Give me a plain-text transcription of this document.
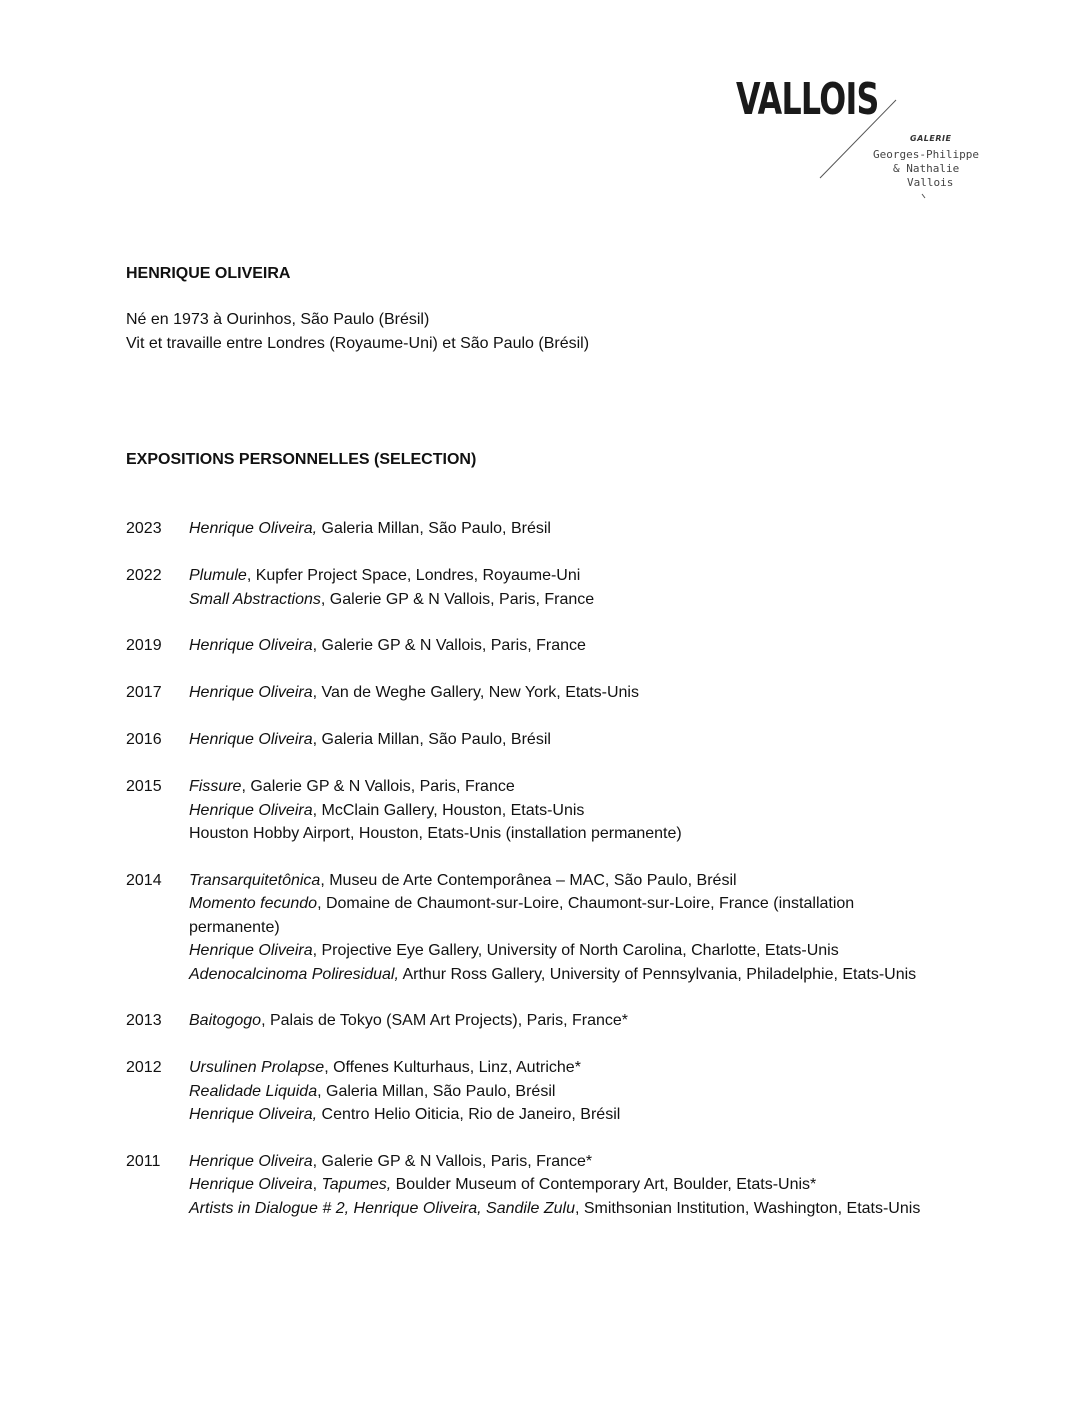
VALLOIS
GALERIE
Georges-Philippe
& Nathalie
Vallois
HENRIQUE OLIVEIRA
Né en 1973 à Ourinhos, São Paulo (Brésil)
Vit et travaille entre Londres (Royaume-Uni) et São Paulo (Brésil)
EXPOSITIONS PERSONNELLES (SELECTION)
2023	Henrique Oliveira, Galeria Millan, São Paulo, Brésil
2022	Plumule, Kupfer Project Space, Londres, Royaume-Uni
Small Abstractions, Galerie GP & N Vallois, Paris, France
2019	Henrique Oliveira, Galerie GP & N Vallois, Paris, France
2017	Henrique Oliveira, Van de Weghe Gallery, New York, Etats-Unis
2016	Henrique Oliveira, Galeria Millan, São Paulo, Brésil
2015	Fissure, Galerie GP & N Vallois, Paris, France
Henrique Oliveira, McClain Gallery, Houston, Etats-Unis
Houston Hobby Airport, Houston, Etats-Unis (installation permanente)
2014	Transarquitetônica, Museu de Arte Contemporânea – MAC, São Paulo, Brésil
Momento fecundo, Domaine de Chaumont-sur-Loire, Chaumont-sur-Loire, France (installation permanente)
Henrique Oliveira, Projective Eye Gallery, University of North Carolina, Charlotte, Etats-Unis
Adenocalcinoma Poliresidual, Arthur Ross Gallery, University of Pennsylvania, Philadelphie, Etats-Unis
2013	Baitogogo, Palais de Tokyo (SAM Art Projects), Paris, France*
2012	Ursulinen Prolapse, Offenes Kulturhaus, Linz, Autriche*
Realidade Liquida, Galeria Millan, São Paulo, Brésil
Henrique Oliveira, Centro Helio Oiticia, Rio de Janeiro, Brésil
2011	Henrique Oliveira, Galerie GP & N Vallois, Paris, France*
Henrique Oliveira, Tapumes, Boulder Museum of Contemporary Art, Boulder, Etats-Unis*
Artists in Dialogue # 2, Henrique Oliveira, Sandile Zulu, Smithsonian Institution, Washington, Etats-Unis
